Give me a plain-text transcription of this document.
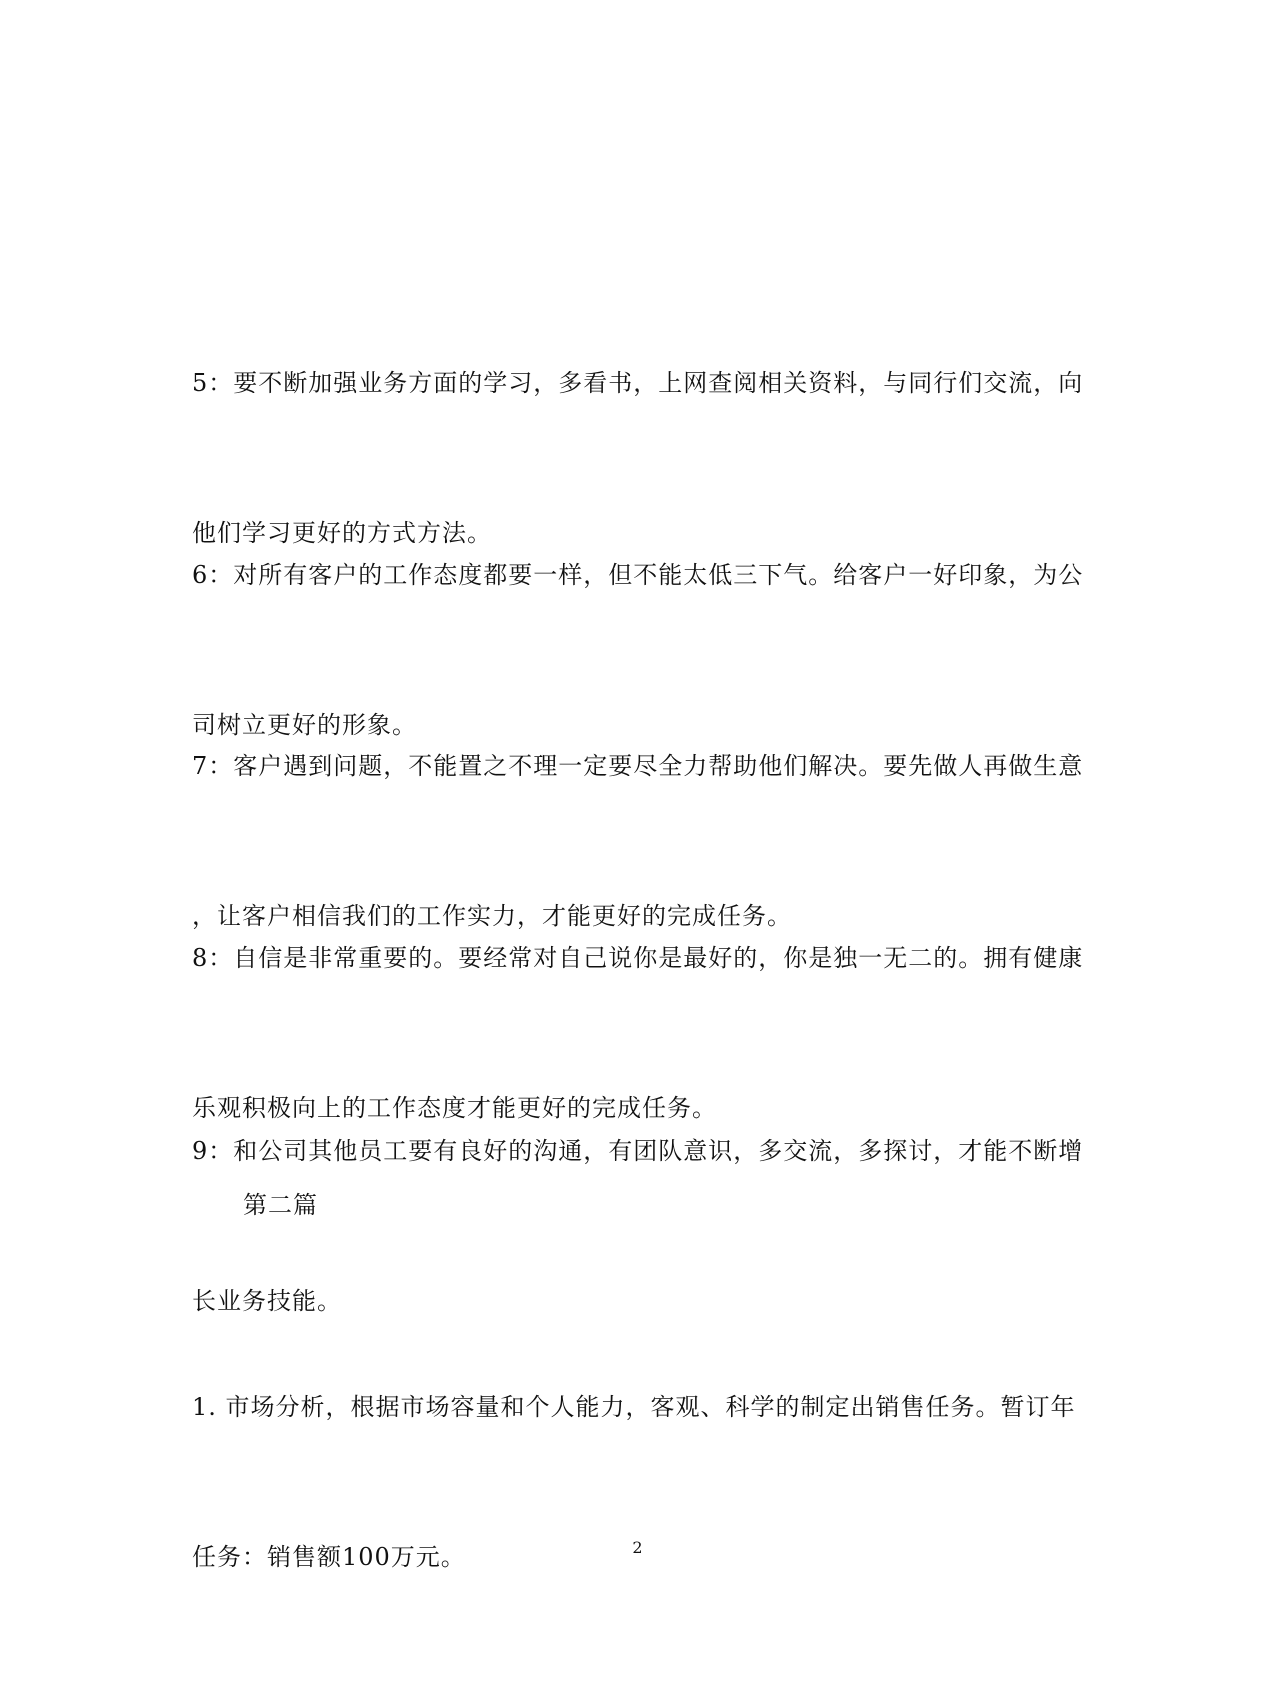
5：要不断加强业务方面的学习，多看书，上网查阅相关资料，与同行们交流，向

他们学习更好的方式方法。

6：对所有客户的工作态度都要一样，但不能太低三下气。给客户一好印象，为公

司树立更好的形象。

7：客户遇到问题，不能置之不理一定要尽全力帮助他们解决。要先做人再做生意

，让客户相信我们的工作实力，才能更好的完成任务。

8：自信是非常重要的。要经常对自己说你是最好的，你是独一无二的。拥有健康

乐观积极向上的工作态度才能更好的完成任务。

9：和公司其他员工要有良好的沟通，有团队意识，多交流，多探讨，才能不断增

长业务技能。

第二篇

1. 市场分析，根据市场容量和个人能力，客观、科学的制定出销售任务。暂订年

任务：销售额100万元。

	2
